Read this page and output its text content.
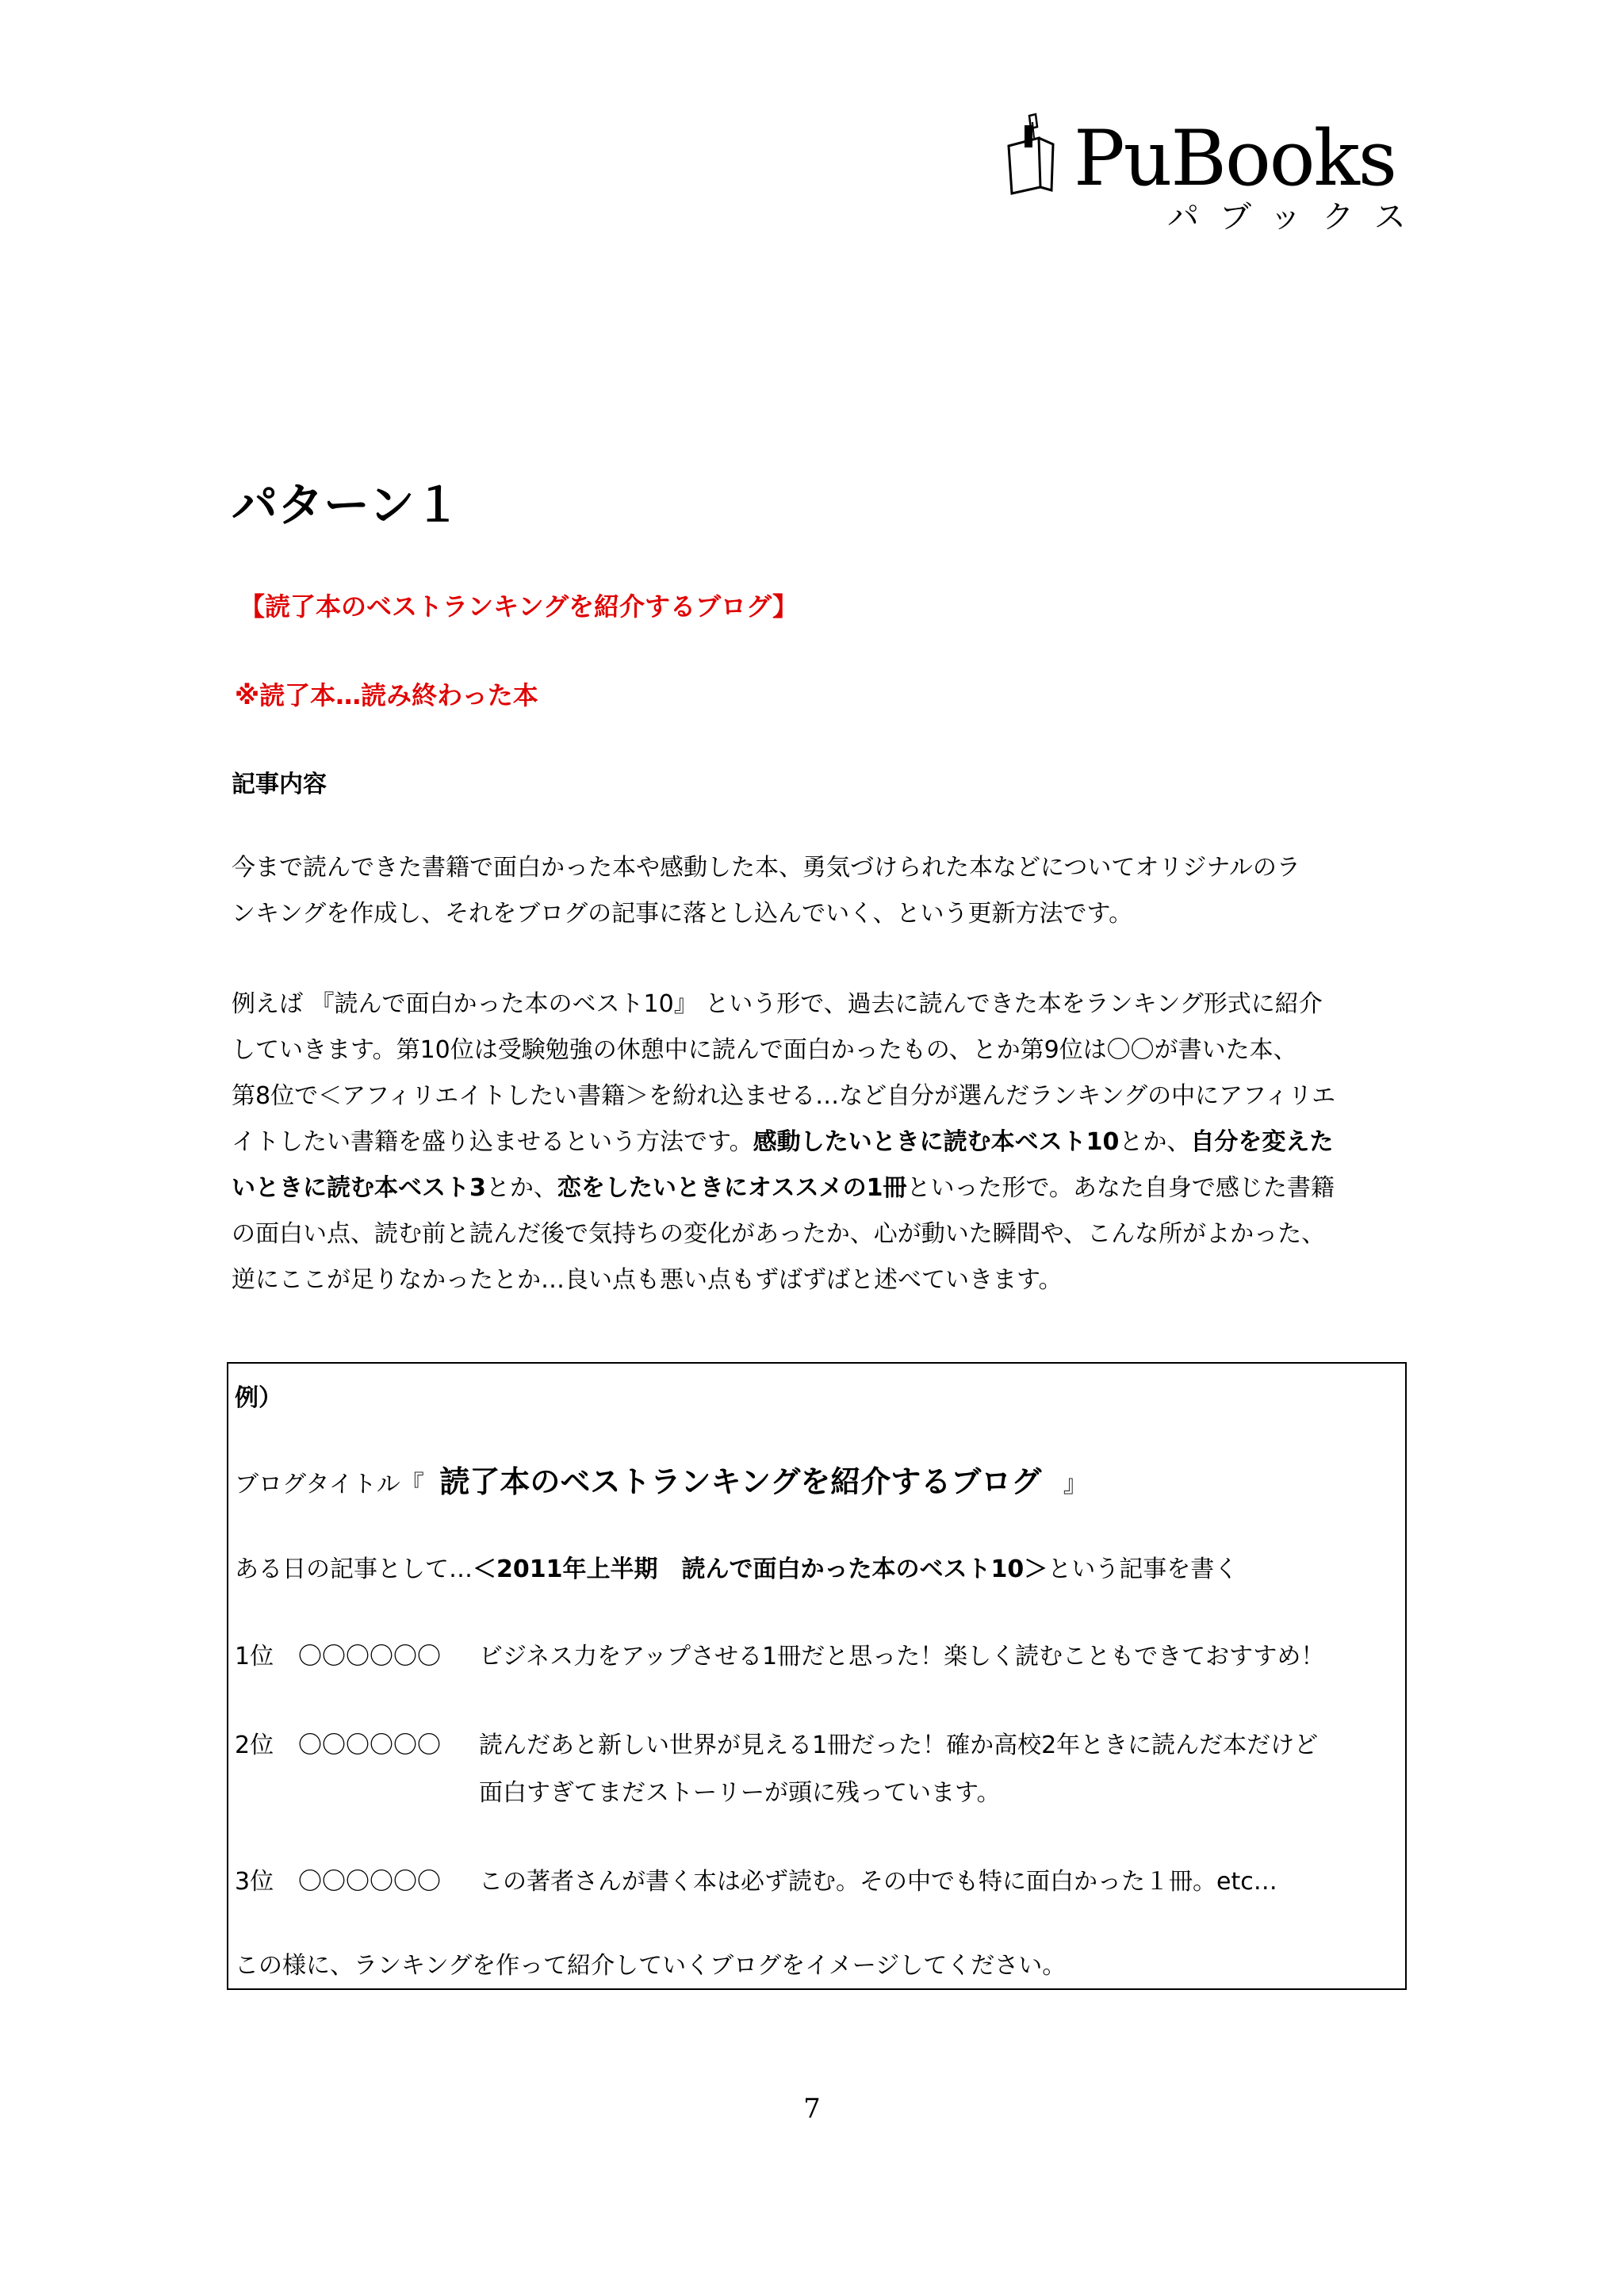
PuBooks
パブックス
パターン１
【読了本のベストランキングを紹介するブログ】
※読了本…読み終わった本
記事内容

今まで読んできた書籍で面白かった本や感動した本、勇気づけられた本などについてオリジナルのラ

ンキングを作成し、それをブログの記事に落とし込んでいく、という更新方法です。

例えば 『読んで面白かった本のベスト10』 という形で、過去に読んできた本をランキング形式に紹介

していきます。第10位は受験勉強の休憩中に読んで面白かったもの、とか第9位は〇〇が書いた本、

第8位で＜アフィリエイトしたい書籍＞を紛れ込ませる…など自分が選んだランキングの中にアフィリエ

イトしたい書籍を盛り込ませるという方法です。感動したいときに読む本ベスト10とか、自分を変えた

いときに読む本ベスト3とか、恋をしたいときにオススメの1冊といった形で。あなた自身で感じた書籍

の面白い点、読む前と読んだ後で気持ちの変化があったか、心が動いた瞬間や、こんな所がよかった、

逆にここが足りなかったとか…良い点も悪い点もずばずばと述べていきます。

例）
ブログタイトル『 読了本のベストランキングを紹介するブログ 』
ある日の記事として…＜2011年上半期　読んで面白かった本のベスト10＞という記事を書く
1位 〇〇〇〇〇〇 ビジネス力をアップさせる1冊だと思った！楽しく読むこともできておすすめ！
2位 〇〇〇〇〇〇 読んだあと新しい世界が見える1冊だった！確か高校2年ときに読んだ本だけど
面白すぎてまだストーリーが頭に残っています。
3位 〇〇〇〇〇〇 この著者さんが書く本は必ず読む。その中でも特に面白かった１冊。etc…
この様に、ランキングを作って紹介していくブログをイメージしてください。
7
